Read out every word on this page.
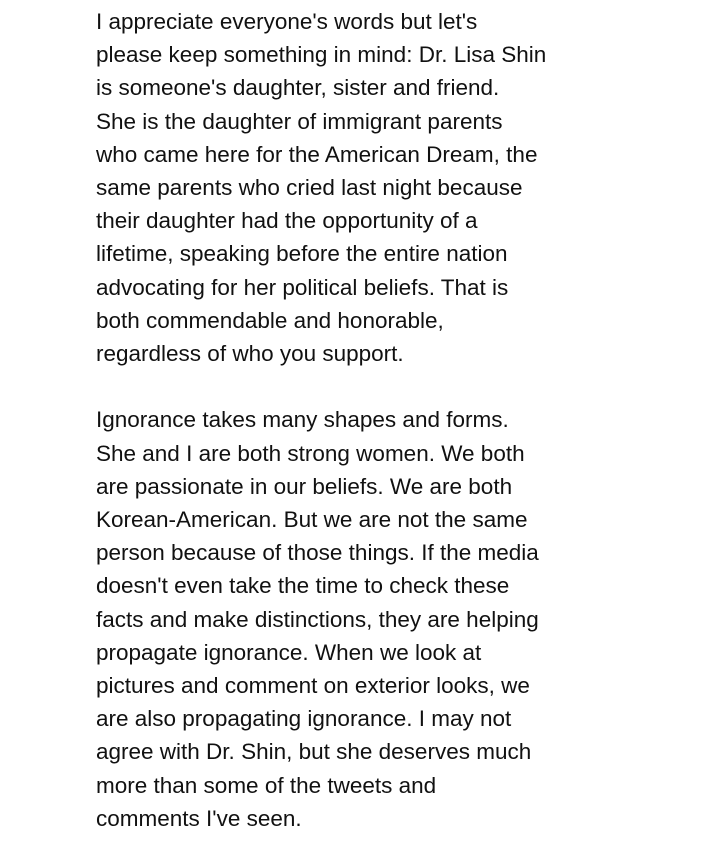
I appreciate everyone's words but let's
please keep something in mind: Dr. Lisa Shin
is someone's daughter, sister and friend.
She is the daughter of immigrant parents
who came here for the American Dream, the
same parents who cried last night because
their daughter had the opportunity of a
lifetime, speaking before the entire nation
advocating for her political beliefs. That is
both commendable and honorable,
regardless of who you support.

Ignorance takes many shapes and forms.
She and I are both strong women. We both
are passionate in our beliefs. We are both
Korean-American. But we are not the same
person because of those things. If the media
doesn't even take the time to check these
facts and make distinctions, they are helping
propagate ignorance. When we look at
pictures and comment on exterior looks, we
are also propagating ignorance. I may not
agree with Dr. Shin, but she deserves much
more than some of the tweets and
comments I've seen.
